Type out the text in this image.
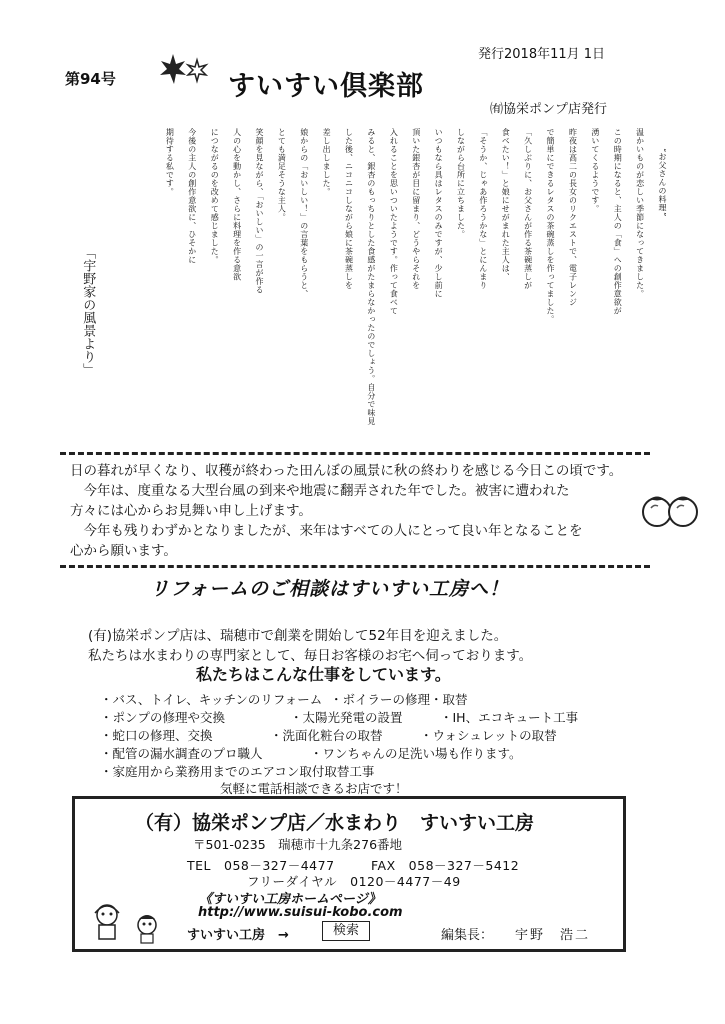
第94号	すいすい倶楽部
発行2018年11月 1日
㈲協栄ポンプ店発行
「宇野家の風景より」
“お父さんの料理”
温かいものが恋しい季節になってきました。
この時期になると、主人の「食」への創作意欲が
湧いてくるようです。
昨夜は高二の長女のリクエストで、電子レンジ
で簡単にできるレタスの茶碗蒸しを作ってました。
「久しぶりに、お父さんが作る茶碗蒸しが
食べたい！」と娘にせがまれた主人は、
「そうか、じゃあ作ろうかな」とにんまり
しながら台所に立ちました。
いつもなら具はレタスのみですが、少し前に
頂いた銀杏が目に留まり、どうやらそれを
入れることを思いついたようです。作って食べて
みると、銀杏のもっちりとした食感がたまらなかったのでしょう。自分で味見
した後、ニコニコしながら娘に茶碗蒸しを
差し出しました。
娘からの「おいしい！」の言葉をもらうと、
とても満足そうな主人。
笑顔を見ながら、「おいしい」の一言が作る
人の心を動かし、さらに料理を作る意欲
につながるのを改めて感じました。
今後の主人の創作意欲に、ひそかに
期待する私です。

日の暮れが早くなり、収穫が終わった田んぼの風景に秋の終わりを感じる今日この頃です。

　今年は、度重なる大型台風の到来や地震に翻弄された年でした。被害に遭われた

方々には心からお見舞い申し上げます。

　今年も残りわずかとなりましたが、来年はすべての人にとって良い年となることを

心から願います。

リフォームのご相談はすいすい工房へ！

(有)協栄ポンプ店は、瑞穂市で創業を開始して52年目を迎えました。

私たちは水まわりの専門家として、毎日お客様のお宅へ伺っております。

私たちはこんな仕事をしています。
・バス、トイレ、キッチンのリフォーム ・ボイラーの修理・取替
・ポンプの修理や交換	・太陽光発電の設置	・IH、エコキュート工事
・蛇口の修理、交換	・洗面化粧台の取替	・ウォシュレットの取替
・配管の漏水調査のプロ職人	・ワンちゃんの足洗い場も作ります。
・家庭用から業務用までのエアコン取付取替工事
気軽に電話相談できるお店です！
（有）協栄ポンプ店／水まわり　すいすい工房
〒501-0235　瑞穂市十九条276番地
TEL　058－327－4477	FAX　058－327－5412
フリーダイヤル　0120－4477－49
《すいすい工房ホームページ》
http://www.suisui-kobo.com
すいすい工房　→	検索	編集長： 宇野　浩二
